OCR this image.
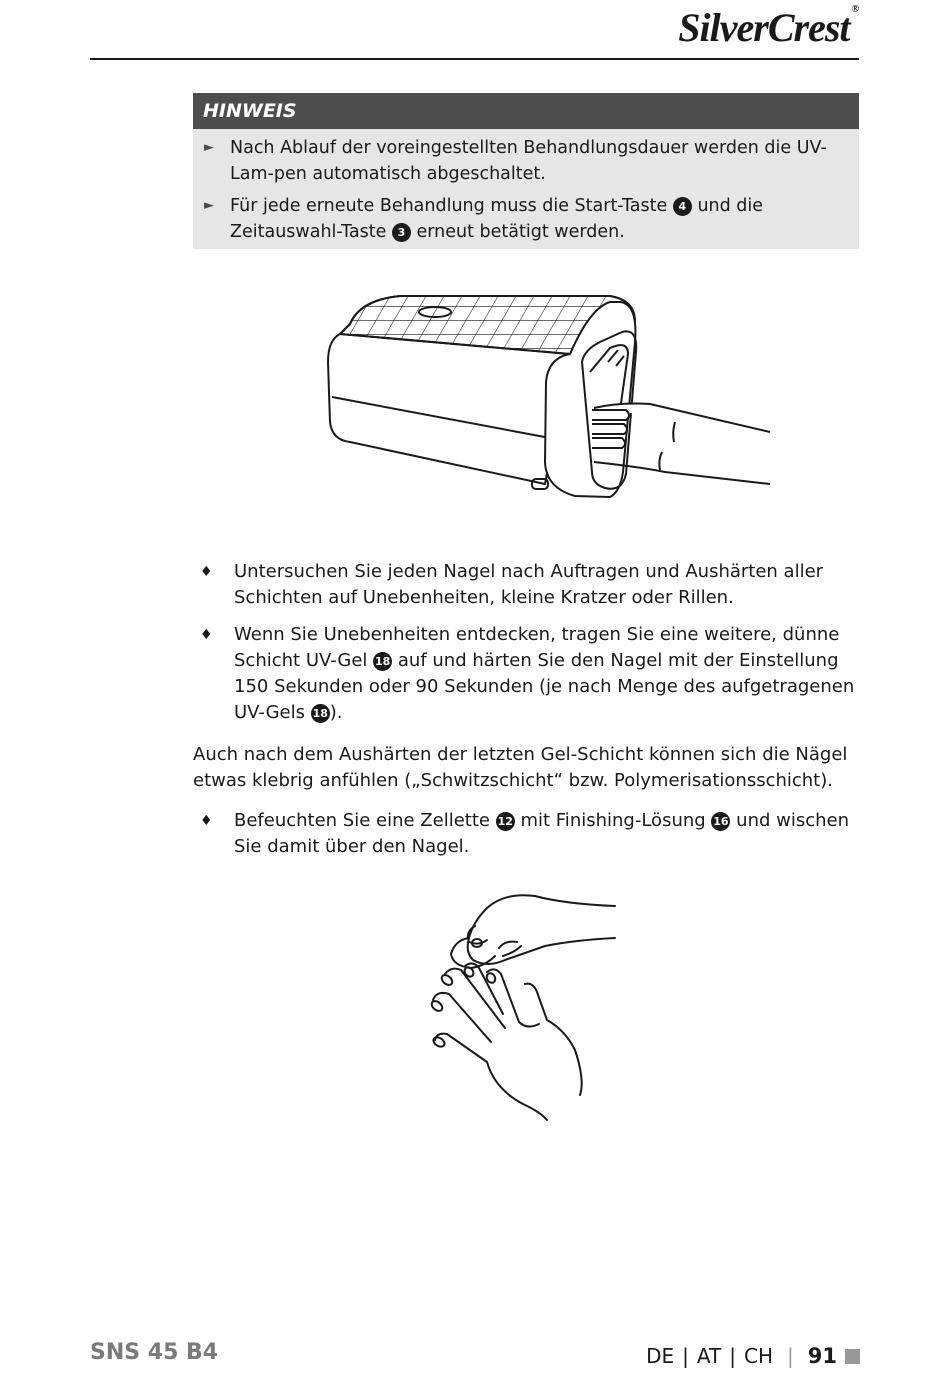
SilverCrest ®
HINWEIS
► Nach Ablauf der voreingestellten Behandlungsdauer werden die UV-Lam-pen automatisch abgeschaltet.
► Für jede erneute Behandlung muss die Start-Taste 4 und die Zeitauswahl-Taste 3 erneut betätigt werden.
♦ Untersuchen Sie jeden Nagel nach Auftragen und Aushärten aller Schichten auf Unebenheiten, kleine Kratzer oder Rillen.
♦ Wenn Sie Unebenheiten entdecken, tragen Sie eine weitere, dünne Schicht UV-Gel 18 auf und härten Sie den Nagel mit der Einstellung 150 Sekunden oder 90 Sekunden (je nach Menge des aufgetragenen UV-Gels 18 ).
Auch nach dem Aushärten der letzten Gel-Schicht können sich die Nägel etwas klebrig anfühlen („Schwitzschicht“ bzw. Polymerisationsschicht).
♦ Befeuchten Sie eine Zellette 12 mit Finishing-Lösung 16 und wischen Sie damit über den Nagel.
SNS 45 B4	DE | AT | CH | 91
